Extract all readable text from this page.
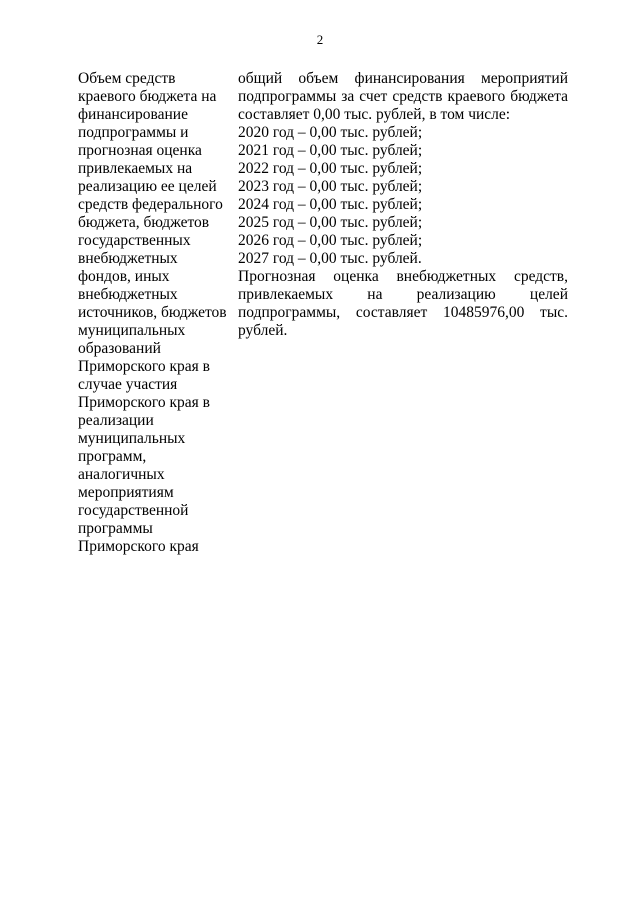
2
Объем средств
краевого бюджета на
финансирование
подпрограммы и
прогнозная оценка
привлекаемых на
реализацию ее целей
средств федерального
бюджета, бюджетов
государственных
внебюджетных
фондов, иных
внебюджетных
источников, бюджетов
муниципальных
образований
Приморского края в
случае участия
Приморского края в
реализации
муниципальных
программ,
аналогичных
мероприятиям
государственной
программы
Приморского края
общий объем финансирования мероприятий
подпрограммы за счет средств краевого бюджета
составляет 0,00 тыс. рублей, в том числе:
2020 год – 0,00 тыс. рублей;
2021 год – 0,00 тыс. рублей;
2022 год – 0,00 тыс. рублей;
2023 год – 0,00 тыс. рублей;
2024 год – 0,00 тыс. рублей;
2025 год – 0,00 тыс. рублей;
2026 год – 0,00 тыс. рублей;
2027 год – 0,00 тыс. рублей.
Прогнозная оценка внебюджетных средств,
привлекаемых на реализацию целей
подпрограммы, составляет 10485976,00 тыс.
рублей.
